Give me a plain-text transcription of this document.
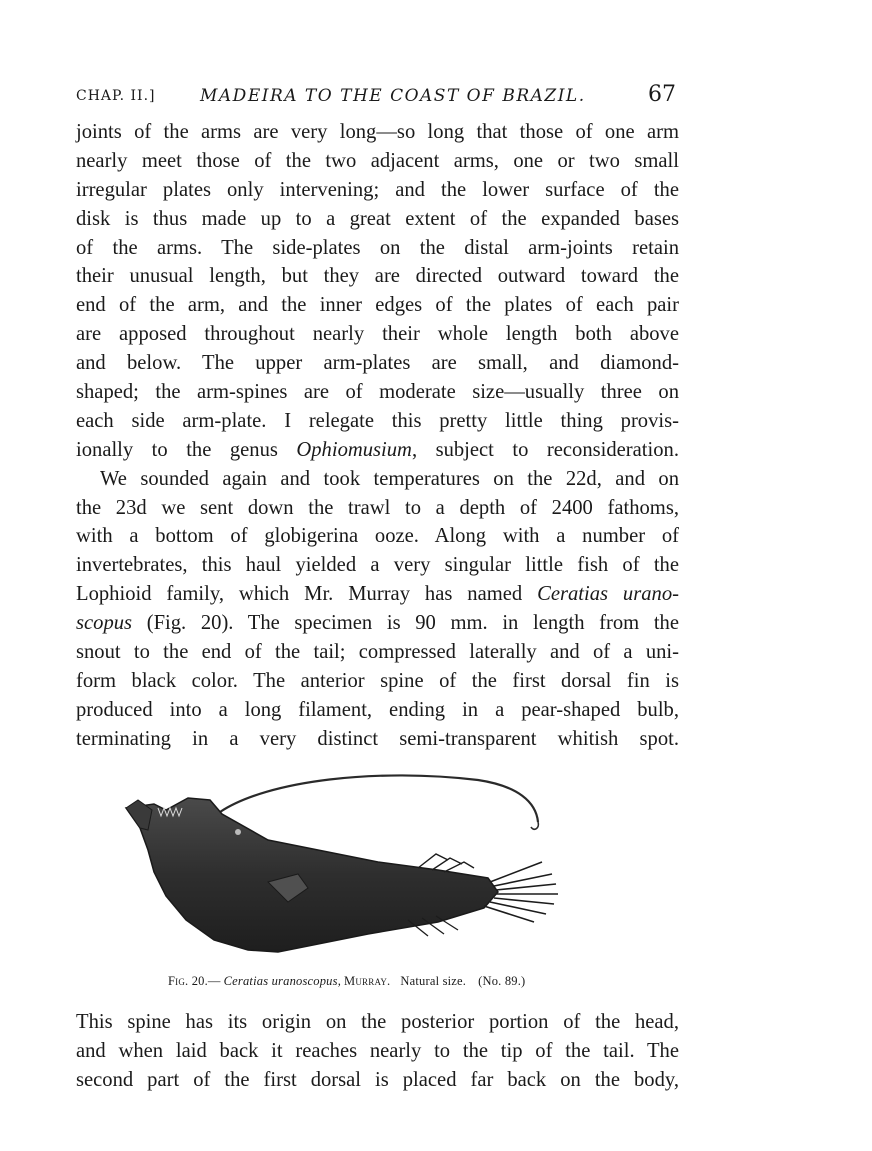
CHAP. II.]	MADEIRA TO THE COAST OF BRAZIL.	67
joints of the arms are very long—so long that those of one arm
nearly meet those of the two adjacent arms, one or two small
irregular plates only intervening; and the lower surface of the
disk is thus made up to a great extent of the expanded bases
of the arms. The side-plates on the distal arm-joints retain
their unusual length, but they are directed outward toward the
end of the arm, and the inner edges of the plates of each pair
are apposed throughout nearly their whole length both above
and below. The upper arm-plates are small, and diamond-
shaped; the arm-spines are of moderate size—usually three on
each side arm-plate. I relegate this pretty little thing provis-
ionally to the genus Ophiomusium, subject to reconsideration.
We sounded again and took temperatures on the 22d, and on
the 23d we sent down the trawl to a depth of 2400 fathoms,
with a bottom of globigerina ooze. Along with a number of
invertebrates, this haul yielded a very singular little fish of the
Lophioid family, which Mr. Murray has named Ceratias urano-
scopus (Fig. 20). The specimen is 90 mm. in length from the
snout to the end of the tail; compressed laterally and of a uni-
form black color. The anterior spine of the first dorsal fin is
produced into a long filament, ending in a pear-shaped bulb,
terminating in a very distinct semi-transparent whitish spot.
Fig. 20.— Ceratias uranoscopus, Murray. Natural size. (No. 89.)
This spine has its origin on the posterior portion of the head,
and when laid back it reaches nearly to the tip of the tail. The
second part of the first dorsal is placed far back on the body,
